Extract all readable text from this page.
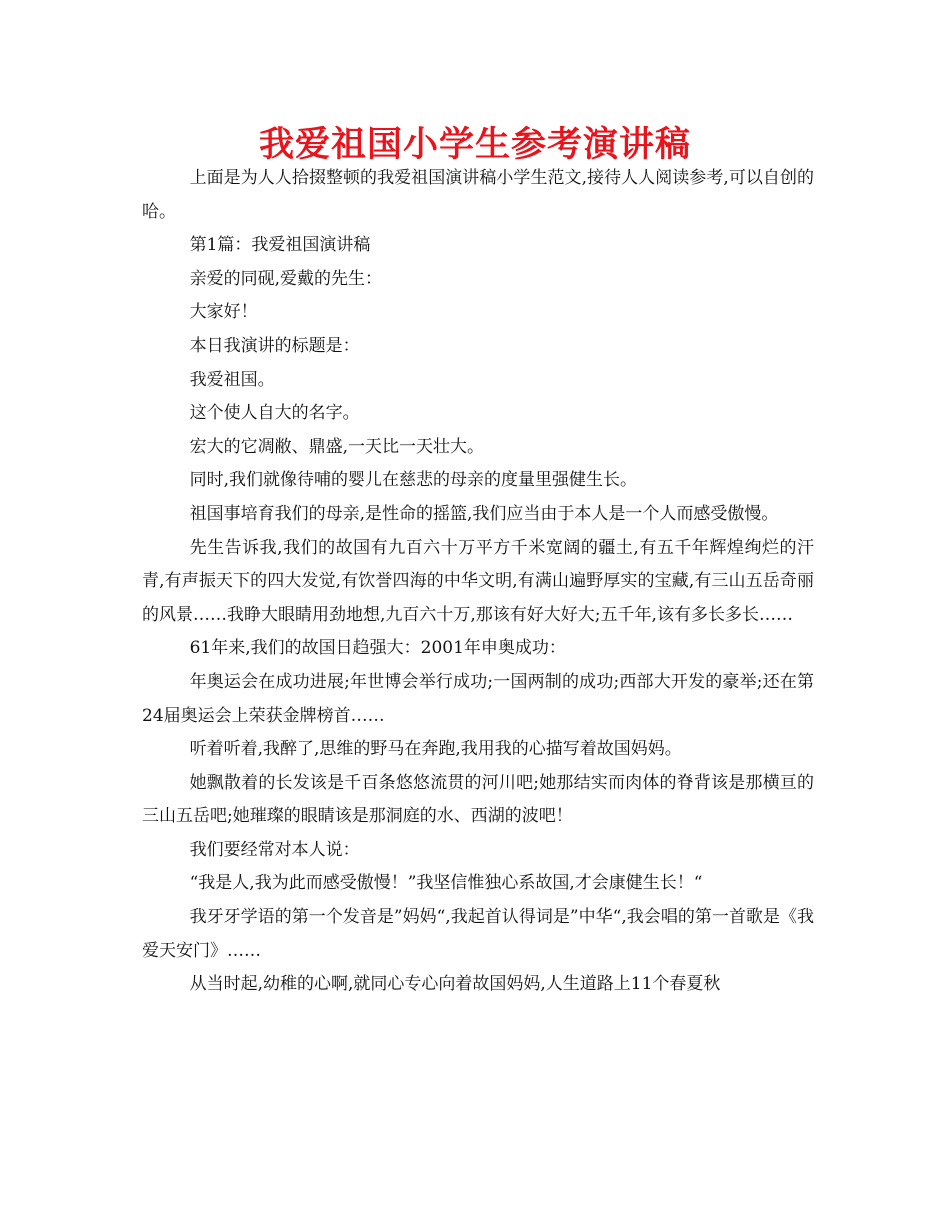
我爱祖国小学生参考演讲稿

上面是为人人拾掇整顿的我爱祖国演讲稿小学生范文,接待人人阅读参考,可以自创的哈。

第1篇：我爱祖国演讲稿

亲爱的同砚,爱戴的先生：

大家好！

本日我演讲的标题是：

我爱祖国。

这个使人自大的名字。

宏大的它凋敝、鼎盛,一天比一天壮大。

同时,我们就像待哺的婴儿在慈悲的母亲的度量里强健生长。

祖国事培育我们的母亲,是性命的摇篮,我们应当由于本人是一个人而感受傲慢。

先生告诉我,我们的故国有九百六十万平方千米宽阔的疆土,有五千年辉煌绚烂的汗青,有声振天下的四大发觉,有饮誉四海的中华文明,有满山遍野厚实的宝藏,有三山五岳奇丽的风景……我睁大眼睛用劲地想,九百六十万,那该有好大好大;五千年,该有多长多长……

61年来,我们的故国日趋强大：2001年申奥成功：

年奥运会在成功进展;年世博会举行成功;一国两制的成功;西部大开发的豪举;还在第24届奥运会上荣获金牌榜首……

听着听着,我醉了,思维的野马在奔跑,我用我的心描写着故国妈妈。

她飘散着的长发该是千百条悠悠流贯的河川吧;她那结实而肉体的脊背该是那横亘的三山五岳吧;她璀璨的眼睛该是那洞庭的水、西湖的波吧！

我们要经常对本人说：

“我是人,我为此而感受傲慢！”我坚信惟独心系故国,才会康健生长！“

我牙牙学语的第一个发音是”妈妈“,我起首认得词是”中华“,我会唱的第一首歌是《我爱天安门》……

从当时起,幼稚的心啊,就同心专心向着故国妈妈,人生道路上11个春夏秋
